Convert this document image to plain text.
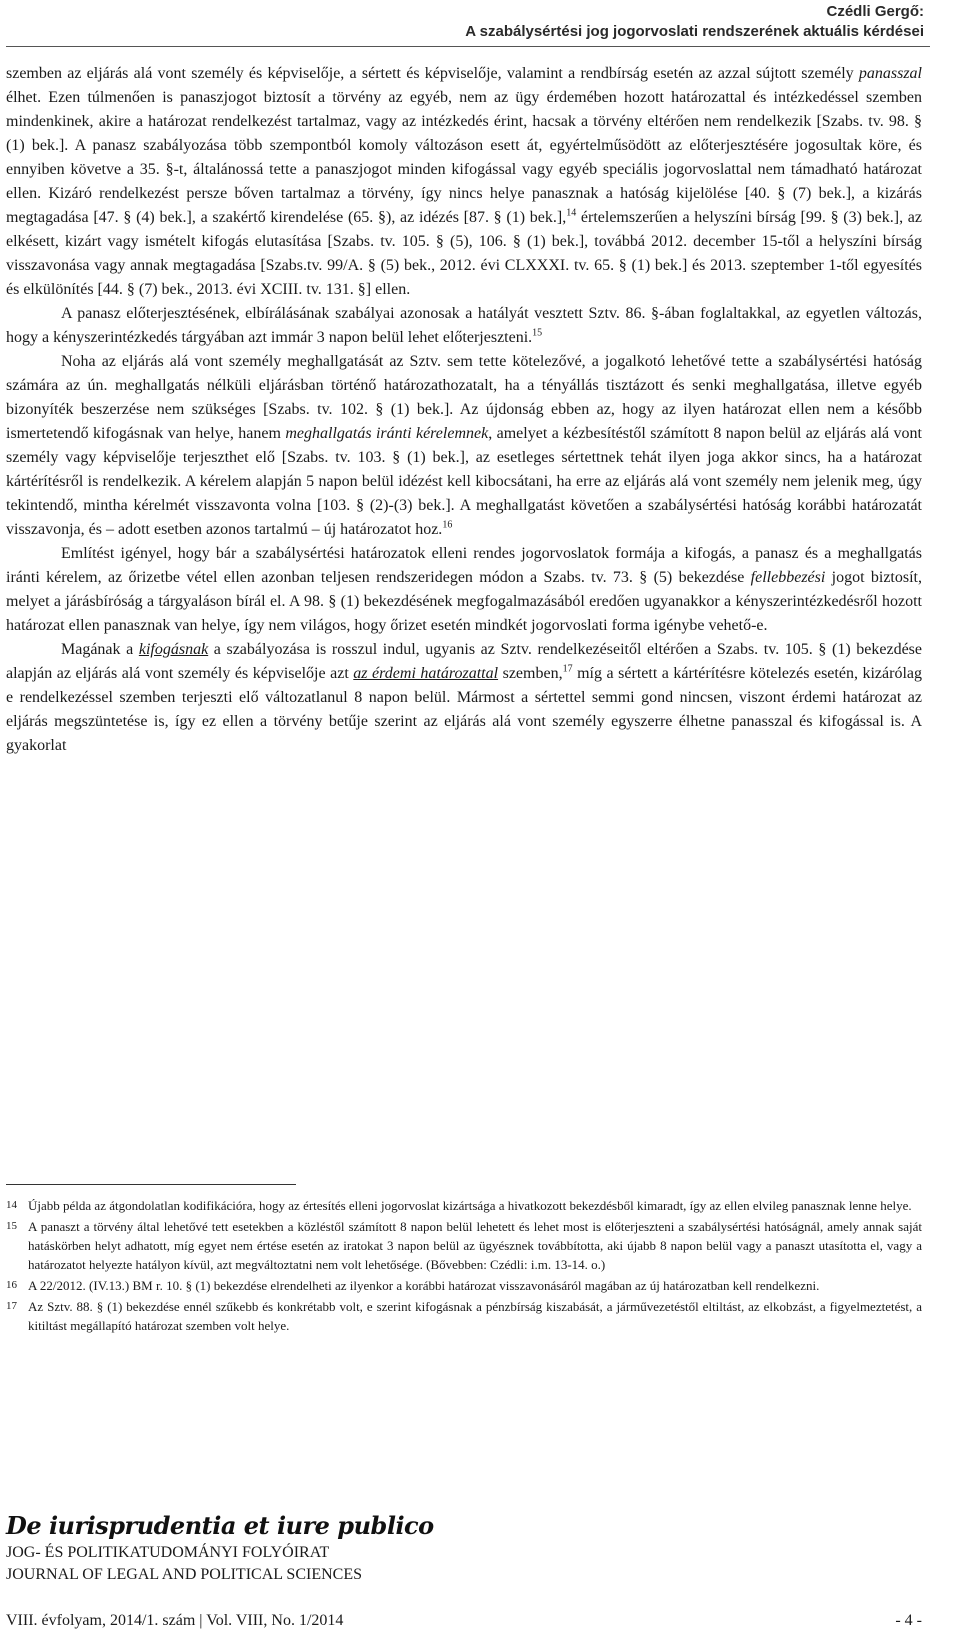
Czédli Gergő:
A szabálysértési jog jogorvoslati rendszerének aktuális kérdései

szemben az eljárás alá vont személy és képviselője, a sértett és képviselője, valamint a rendbírság esetén az azzal sújtott személy panasszal élhet. Ezen túlmenően is panaszjogot biztosít a törvény az egyéb, nem az ügy érdemében hozott határozattal és intézkedéssel szemben mindenkinek, akire a határozat rendelkezést tartalmaz, vagy az intézkedés érint, hacsak a törvény eltérően nem rendelkezik [Szabs. tv. 98. § (1) bek.]. A panasz szabályozása több szempontból komoly változáson esett át, egyértelműsödött az előterjesztésére jogosultak köre, és ennyiben követve a 35. §-t, általánossá tette a panaszjogot minden kifogással vagy egyéb speciális jogorvoslattal nem támadható határozat ellen. Kizáró rendelkezést persze bőven tartalmaz a törvény, így nincs helye panasznak a hatóság kijelölése [40. § (7) bek.], a kizárás megtagadása [47. § (4) bek.], a szakértő kirendelése (65. §), az idézés [87. § (1) bek.],$^{14}$ értelemszerűen a helyszíni bírság [99. § (3) bek.], az elkésett, kizárt vagy ismételt kifogás elutasítása [Szabs. tv. 105. § (5), 106. § (1) bek.], továbbá 2012. december 15-től a helyszíni bírság visszavonása vagy annak megtagadása [Szabs.tv. 99/A. § (5) bek., 2012. évi CLXXXI. tv. 65. § (1) bek.] és 2013. szeptember 1-től egyesítés és elkülönítés [44. § (7) bek., 2013. évi XCIII. tv. 131. §] ellen.

A panasz előterjesztésének, elbírálásának szabályai azonosak a hatályát vesztett Sztv. 86. §-ában foglaltakkal, az egyetlen változás, hogy a kényszerintézkedés tárgyában azt immár 3 napon belül lehet előterjeszteni.$^{15}$

Noha az eljárás alá vont személy meghallgatását az Sztv. sem tette kötelezővé, a jogalkotó lehetővé tette a szabálysértési hatóság számára az ún. meghallgatás nélküli eljárásban történő határozathozatalt, ha a tényállás tisztázott és senki meghallgatása, illetve egyéb bizonyíték beszerzése nem szükséges [Szabs. tv. 102. § (1) bek.]. Az újdonság ebben az, hogy az ilyen határozat ellen nem a később ismertetendő kifogásnak van helye, hanem meghallgatás iránti kérelemnek, amelyet a kézbesítéstől számított 8 napon belül az eljárás alá vont személy vagy képviselője terjeszthet elő [Szabs. tv. 103. § (1) bek.], az esetleges sértettnek tehát ilyen joga akkor sincs, ha a határozat kártérítésről is rendelkezik. A kérelem alapján 5 napon belül idézést kell kibocsátani, ha erre az eljárás alá vont személy nem jelenik meg, úgy tekintendő, mintha kérelmét visszavonta volna [103. § (2)-(3) bek.]. A meghallgatást követően a szabálysértési hatóság korábbi határozatát visszavonja, és – adott esetben azonos tartalmú – új határozatot hoz.$^{16}$

Említést igényel, hogy bár a szabálysértési határozatok elleni rendes jogorvoslatok formája a kifogás, a panasz és a meghallgatás iránti kérelem, az őrizetbe vétel ellen azonban teljesen rendszeridegen módon a Szabs. tv. 73. § (5) bekezdése fellebbezési jogot biztosít, melyet a járásbíróság a tárgyaláson bírál el. A 98. § (1) bekezdésének megfogalmazásából eredően ugyanakkor a kényszerintézkedésről hozott határozat ellen panasznak van helye, így nem világos, hogy őrizet esetén mindkét jogorvoslati forma igénybe vehető-e.

Magának a kifogásnak a szabályozása is rosszul indul, ugyanis az Sztv. rendelkezéseitől eltérően a Szabs. tv. 105. § (1) bekezdése alapján az eljárás alá vont személy és képviselője azt az érdemi határozattal szemben,$^{17}$ míg a sértett a kártérítésre kötelezés esetén, kizárólag e rendelkezéssel szemben terjeszti elő változatlanul 8 napon belül. Mármost a sértettel semmi gond nincsen, viszont érdemi határozat az eljárás megszüntetése is, így ez ellen a törvény betűje szerint az eljárás alá vont személy egyszerre élhetne panasszal és kifogással is. A gyakorlat

14 Újabb példa az átgondolatlan kodifikációra, hogy az értesítés elleni jogorvoslat kizártsága a hivatkozott bekezdésből kimaradt, így az ellen elvileg panasznak lenne helye.
15 A panaszt a törvény által lehetővé tett esetekben a közléstől számított 8 napon belül lehetett és lehet most is előterjeszteni a szabálysértési hatóságnál, amely annak saját hatáskörben helyt adhatott, míg egyet nem értése esetén az iratokat 3 napon belül az ügyésznek továbbította, aki újabb 8 napon belül vagy a panaszt utasította el, vagy a határozatot helyezte hatályon kívül, azt megváltoztatni nem volt lehetősége. (Bővebben: Czédli: i.m. 13-14. o.)
16 A 22/2012. (IV.13.) BM r. 10. § (1) bekezdése elrendelheti az ilyenkor a korábbi határozat visszavonásáról magában az új határozatban kell rendelkezni.
17 Az Sztv. 88. § (1) bekezdése ennél szűkebb és konkrétabb volt, e szerint kifogásnak a pénzbírság kiszabását, a járművezetéstől eltiltást, az elkobzást, a figyelmeztetést, a kitiltást megállapító határozat szemben volt helye.
De iurisprudentia et iure publico
JOG- ÉS POLITIKATUDOMÁNYI FOLYÓIRAT
JOURNAL OF LEGAL AND POLITICAL SCIENCES
VIII. évfolyam, 2014/1. szám | Vol. VIII, No. 1/2014	- 4 -
